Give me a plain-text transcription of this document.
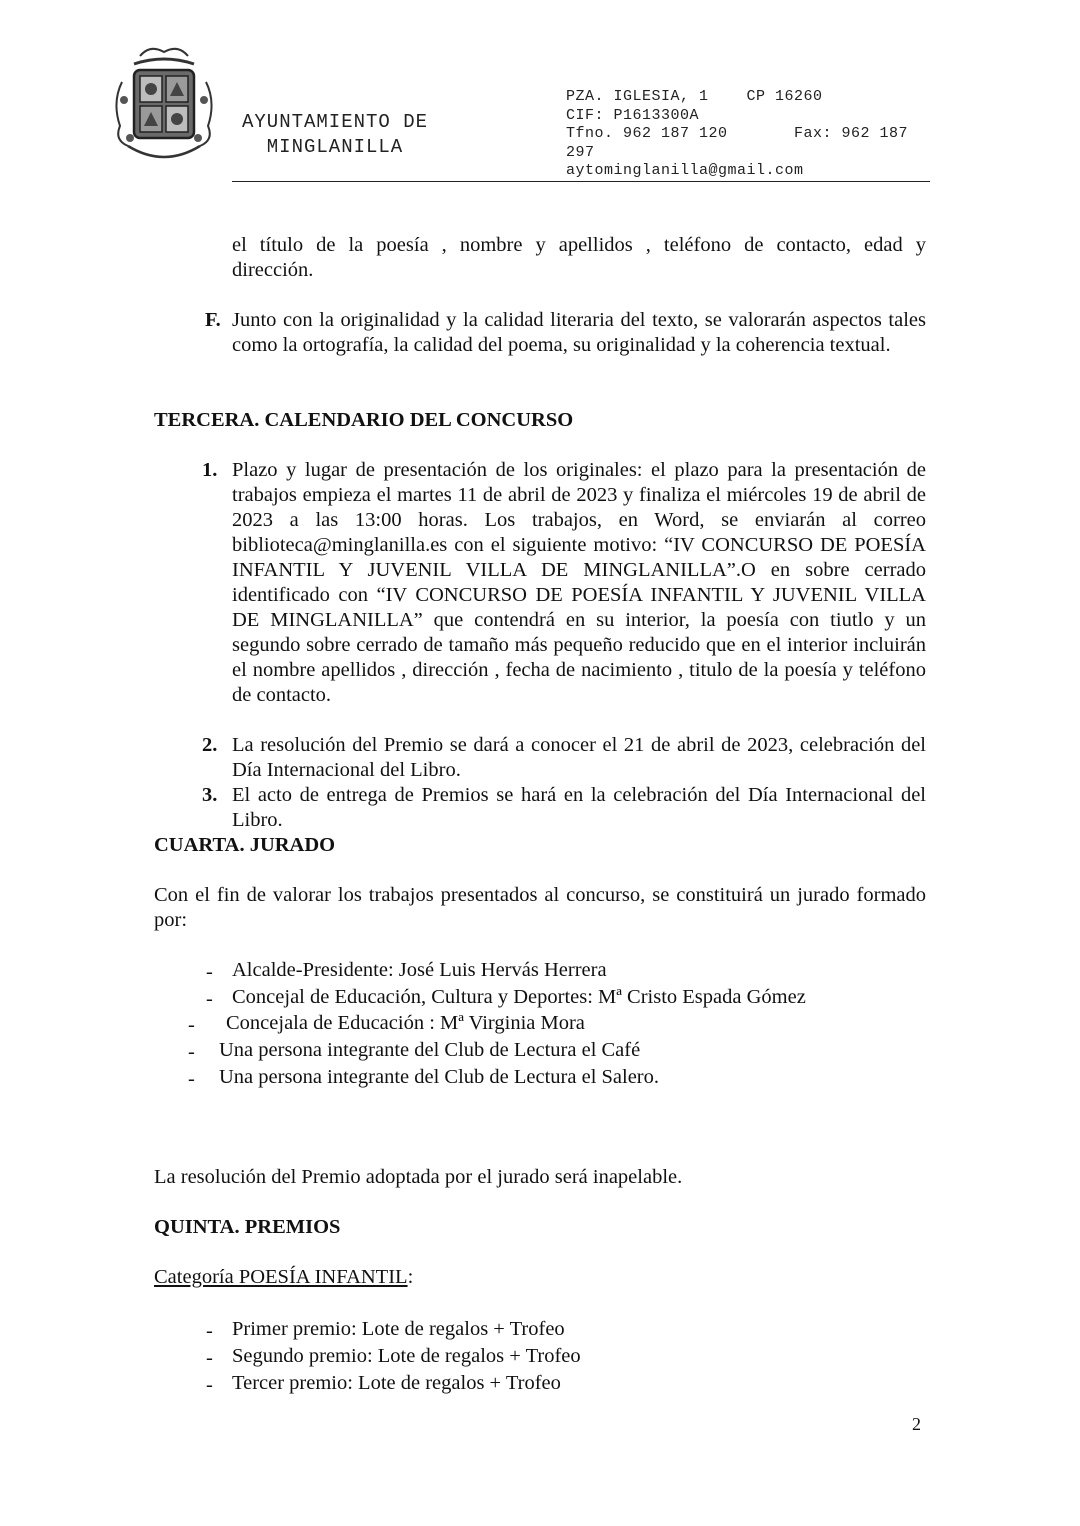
AYUNTAMIENTO DE
MINGLANILLA
PZA. IGLESIA, 1    CP 16260
CIF: P1613300A
Tfno. 962 187 120       Fax: 962 187
297
aytominglanilla@gmail.com
el título de la poesía , nombre y apellidos , teléfono de contacto, edad y
dirección.
F. Junto con la originalidad y la calidad literaria del texto, se valorarán aspectos tales como la ortografía, la calidad del poema, su originalidad y la coherencia textual.
TERCERA. CALENDARIO DEL CONCURSO
1. Plazo y lugar de presentación de los originales: el plazo para la presentación de trabajos empieza el martes 11 de abril de 2023 y finaliza el miércoles 19 de abril de 2023 a las 13:00 horas. Los trabajos, en Word, se enviarán al correo biblioteca@minglanilla.es con el siguiente motivo: “IV CONCURSO DE POESÍA INFANTIL Y JUVENIL VILLA DE MINGLANILLA”.O en sobre cerrado identificado con “IV CONCURSO DE POESÍA INFANTIL Y JUVENIL VILLA DE MINGLANILLA” que contendrá en su interior, la poesía con tiutlo y un segundo sobre cerrado de tamaño más pequeño reducido que en el interior incluirán el nombre apellidos , dirección , fecha de nacimiento , titulo de la poesía y teléfono de contacto.
2. La resolución del Premio se dará a conocer el 21 de abril de 2023, celebración del Día Internacional del Libro.
3. El acto de entrega de Premios se hará en la celebración del Día Internacional del Libro.
CUARTA. JURADO
Con el fin de valorar los trabajos presentados al concurso, se constituirá un jurado formado por:
- Alcalde-Presidente: José Luis Hervás Herrera
- Concejal de Educación, Cultura y Deportes: Mª Cristo Espada Gómez
- Concejala de Educación : Mª Virginia Mora
- Una persona integrante del Club de Lectura el Café
- Una persona integrante del Club de Lectura el Salero.
La resolución del Premio adoptada por el jurado será inapelable.
QUINTA. PREMIOS
Categoría POESÍA INFANTIL:
- Primer premio: Lote de regalos + Trofeo
- Segundo premio: Lote de regalos + Trofeo
- Tercer premio: Lote de regalos + Trofeo
2
